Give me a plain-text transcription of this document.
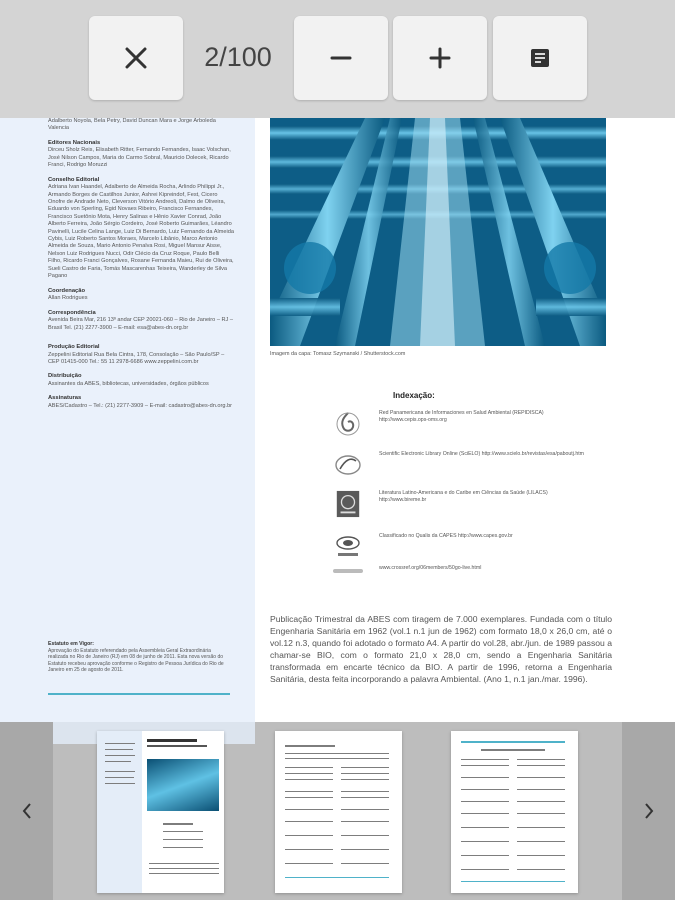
Adalberto Noyola, Bela Petry, David Duncan Mara e Jorge Arboleda Valencia
Editores Nacionais
Dirceu Sholz Reis, Elisabeth Ritter, Fernando Fernandes, Isaac Volschan, José Nilson Campos, Maria do Carmo Sobral, Mauricio Dolecek, Ricardo Franci, Rodrigo Moruzzi
Conselho Editorial
Adriana Ivan Haandel, Adalberto de Almeida Rocha, Arlindo Philippi Jr., Armando Borges de Castilhos Junior, Ashrei Kipreindof, Fest, Cicero Onofre de Andrade Neto, Cleverson Vitório Andreoli, Dalmo de Oliveira, Eduardo von Sperling, Egid Novaes Ribeiro, Francisco Fernandes, Francisco Suetônio Mota, Henry Salinas e Hênio Xavier Conrad, João Alberto Ferreira, João Sérgio Cordeiro, José Roberto Guimarães, Léandro Pavinelli, Lucile Celina Lange, Luiz Di Bernardo, Luiz Fernando da Almeida Cybis, Luiz Roberto Santos Moraes, Marcelo Libânio, Marco Antonio Almeida de Souza, Mario Antonio Penalva Rosi, Miguel Mansur Aisse, Nelson Luiz Rodrigues Nucci, Odir Clécio da Cruz Roque, Paulo Belli Filho, Ricardo Franci Gonçalves, Rosane Fernanda Maieu, Rui de Oliveira, Sueli Castro de Faria, Tomás Mascarenhas Teixeira, Wanderley de Silva Pagano
Coordenação
Allan Rodrigues
Correspondência
Avenida Beira Mar, 216 13º andar CEP 20021-060 – Rio de Janeiro – RJ – Brasil Tel. (21) 2277-3900 – E-mail: esa@abes-dn.org.br
Produção Editorial
Zeppelini Editorial Rua Bela Cintra, 178, Consolação – São Paulo/SP – CEP 01415-000 Tel.: 55 11 2978-6686 www.zeppelini.com.br
Distribuição
Assinantes da ABES, bibliotecas, universidades, órgãos públicos
Assinaturas
ABES/Cadastro – Tel.: (21) 2277-3909 – E-mail: cadastro@abes-dn.org.br
Estatuto em Vigor:
Aprovação do Estatuto referendado pela Assembleia Geral Extraordinária realizada no Rio de Janeiro (RJ) em 08 de junho de 2011. Esta nova versão do Estatuto recebeu aprovação conforme o Registro de Pessoa Jurídica do Rio de Janeiro em 25 de agosto de 2011.
Imagem da capa: Tomasz Szymanski / Shutterstock.com
Indexação:
Red Panamericana de Informaciones en Salud Ambiental (REPIDISCA) http://www.cepis.ops-oms.org
Scientific Electronic Library Online (SciELO) http://www.scielo.br/revistas/esa/paboutj.htm
Literatura Latino-Americana e do Caribe em Ciências da Saúde (LILACS) http://www.bireme.br
Classificado no Qualis da CAPES http://www.capes.gov.br
www.crossref.org/06members/50go-live.html
Publicação Trimestral da ABES com tiragem de 7.000 exemplares. Fundada com o título Engenharia Sanitária em 1962 (vol.1 n.1 jun de 1962) com formato 18,0 x 26,0 cm, até o vol.12 n.3, quando foi adotado o formato A4. A partir do vol.28, abr./jun. de 1989 passou a chamar-se BIO, com o formato 21,0 x 28,0 cm, sendo a Engenharia Sanitária transformada em encarte técnico da BIO. A partir de 1996, retorna a Engenharia Sanitária, desta feita incorporando a palavra Ambiental. (Ano 1, n.1 jan./mar. 1996).
2/100
